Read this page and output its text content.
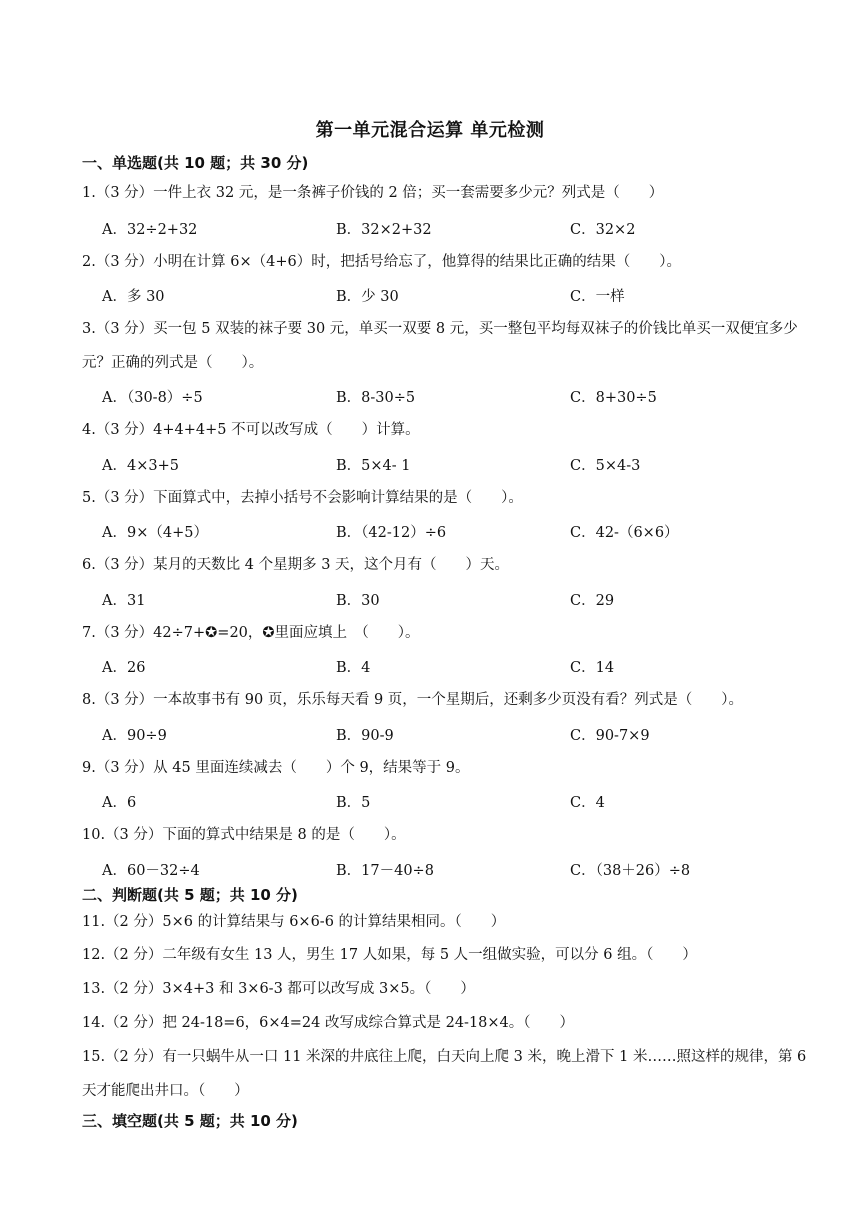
第一单元混合运算 单元检测
一、单选题(共 10 题；共 30 分)
1.（3 分）一件上衣 32 元，是一条裤子价钱的 2 倍；买一套需要多少元？列式是（　　）
A．32÷2+32	B．32×2+32	C．32×2
2.（3 分）小明在计算 6×（4+6）时，把括号给忘了，他算得的结果比正确的结果（　　）。
A．多 30	B．少 30	C．一样
3.（3 分）买一包 5 双装的袜子要 30 元，单买一双要 8 元，买一整包平均每双袜子的价钱比单买一双便宜多少元？正确的列式是（　　）。
A．（30-8）÷5	B．8-30÷5	C．8+30÷5
4.（3 分）4+4+4+5 不可以改写成（　　）计算。
A．4×3+5	B．5×4- 1	C．5×4-3
5.（3 分）下面算式中，去掉小括号不会影响计算结果的是（　　）。
A．9×（4+5）	B．（42-12）÷6	C．42-（6×6）
6.（3 分）某月的天数比 4 个星期多 3 天，这个月有（　　）天。
A．31	B．30	C．29
7.（3 分）42÷7+✪=20，✪里面应填上　（　　）。
A．26	B．4	C．14
8.（3 分）一本故事书有 90 页，乐乐每天看 9 页，一个星期后，还剩多少页没有看？列式是（　　）。
A．90÷9	B．90-9	C．90-7×9
9.（3 分）从 45 里面连续减去（　　）个 9，结果等于 9。
A．6	B．5	C．4
10.（3 分）下面的算式中结果是 8 的是（　　）。
A．60－32÷4	B．17－40÷8	C．（38＋26）÷8
二、判断题(共 5 题；共 10 分)
11.（2 分）5×6 的计算结果与 6×6-6 的计算结果相同。（　　）
12.（2 分）二年级有女生 13 人，男生 17 人如果，每 5 人一组做实验，可以分 6 组。（　　）
13.（2 分）3×4+3 和 3×6-3 都可以改写成 3×5。（　　）
14.（2 分）把 24-18=6，6×4=24 改写成综合算式是 24-18×4。（　　）
15.（2 分）有一只蜗牛从一口 11 米深的井底往上爬，白天向上爬 3 米，晚上滑下 1 米……照这样的规律，第 6 天才能爬出井口。（　　）
三、填空题(共 5 题；共 10 分)
